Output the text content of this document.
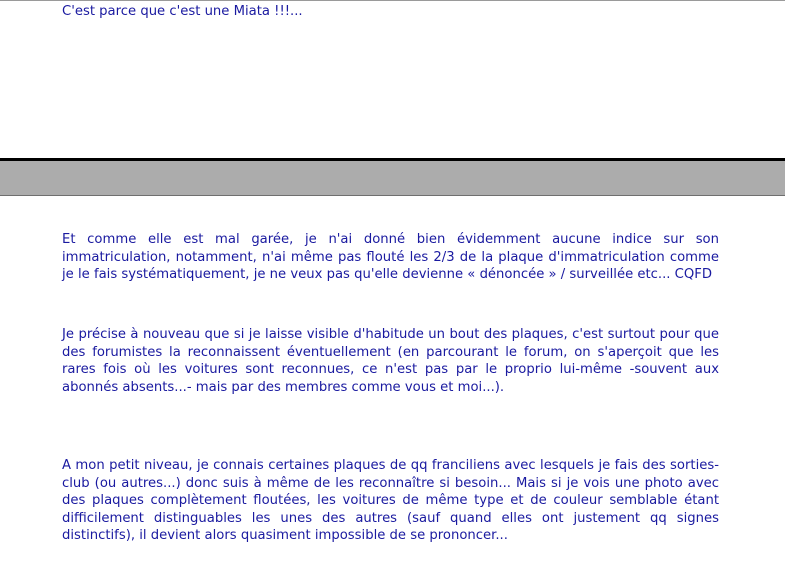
C'est parce que c'est une Miata !!!...

Et comme elle est mal garée, je n'ai donné bien évidemment aucune indice sur son immatriculation, notamment, n'ai même pas flouté les 2/3 de la plaque d'immatriculation comme je le fais systématiquement, je ne veux pas qu'elle devienne « dénoncée » / surveillée etc... CQFD

Je précise à nouveau que si je laisse visible d'habitude un bout des plaques, c'est surtout pour que des forumistes la reconnaissent éventuellement (en parcourant le forum, on s'aperçoit que les rares fois où les voitures sont reconnues, ce n'est pas par le proprio lui-même -souvent aux abonnés absents...- mais par des membres comme vous et moi...).

A mon petit niveau, je connais certaines plaques de qq franciliens avec lesquels je fais des sorties-club (ou autres...) donc suis à même de les reconnaître si besoin... Mais si je vois une photo avec des plaques complètement floutées, les voitures de même type et de couleur semblable étant difficilement distinguables les unes des autres (sauf quand elles ont justement qq signes distinctifs), il devient alors quasiment impossible de se prononcer...
